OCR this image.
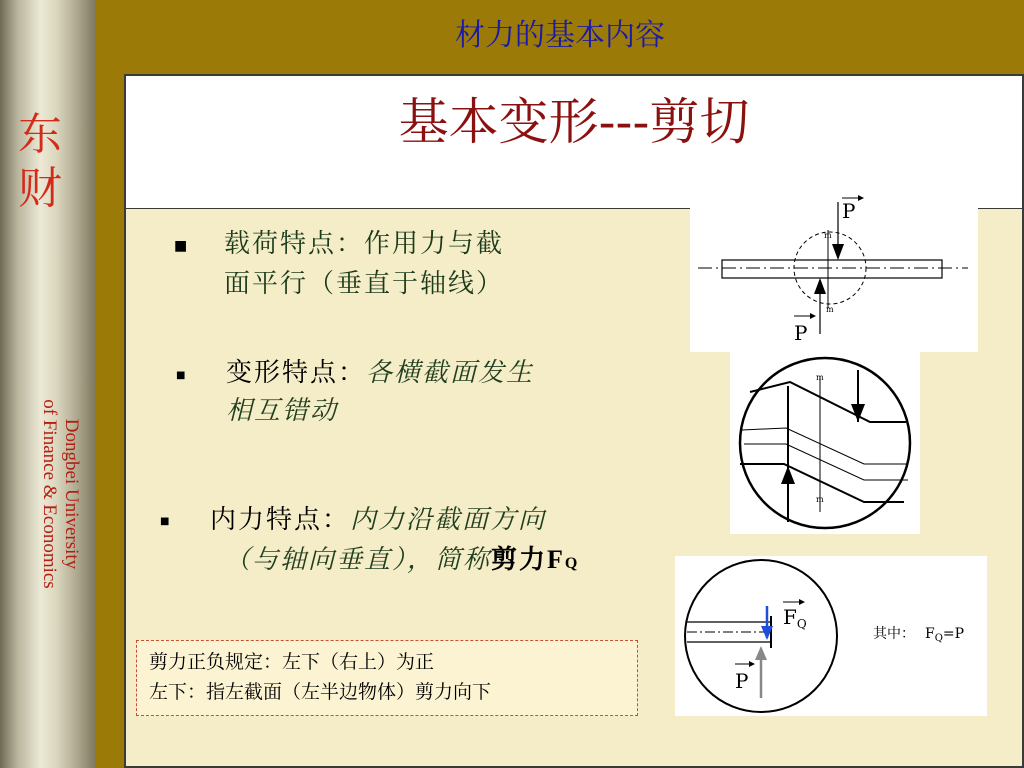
东
财
Dongbei University
of Finance & Economics
材力的基本内容
基本变形---剪切
■ 载荷特点：作用力与截
面平行（垂直于轴线）
■ 变形特点：各横截面发生
相互错动
■ 内力特点：内力沿截面方向
（与轴向垂直），简称剪力FQ
P
P
m
m
m
m
$F_Q$
P
其中： $F_Q=P$
剪力正负规定：左下（右上）为正
左下：指左截面（左半边物体）剪力向下
